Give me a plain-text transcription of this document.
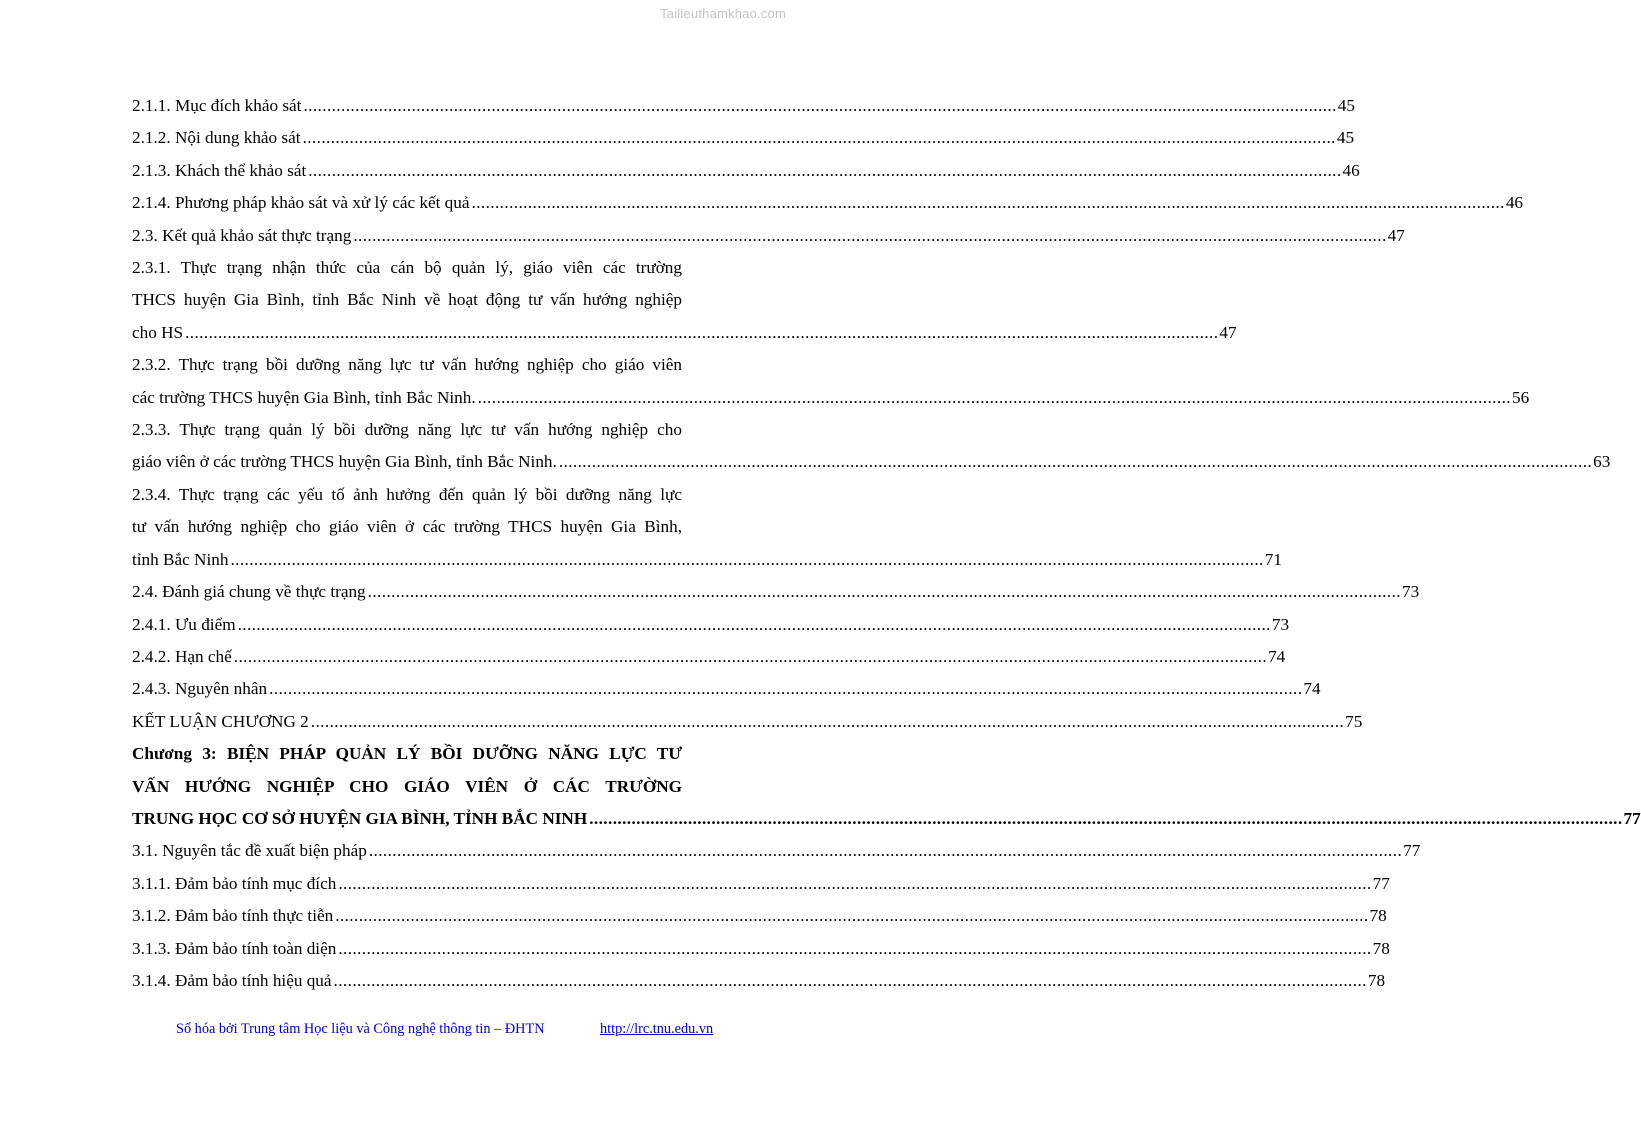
Tailieuthamkhao.com
2.1.1. Mục đích khảo sát ............................................................................................................................................................................................................................ 45
2.1.2. Nội dung khảo sát ............................................................................................................................................................................................................................ 45
2.1.3. Khách thể khảo sát ............................................................................................................................................................................................................................ 46
2.1.4. Phương pháp khảo sát và xử lý các kết quả ............................................................................................................................................................................................................................ 46
2.3. Kết quả khảo sát thực trạng ............................................................................................................................................................................................................................ 47
2.3.1. Thực trạng nhận thức của cán bộ quản lý, giáo viên các trường
THCS huyện Gia Bình, tỉnh Bắc Ninh về hoạt động tư vấn hướng nghiệp
cho HS ............................................................................................................................................................................................................................ 47
2.3.2. Thực trạng bồi dưỡng năng lực tư vấn hướng nghiệp cho giáo viên
các trường THCS huyện Gia Bình, tỉnh Bắc Ninh. ............................................................................................................................................................................................................................ 56
2.3.3. Thực trạng quản lý bồi dưỡng năng lực tư vấn hướng nghiệp cho
giáo viên ở các trường THCS huyện Gia Bình, tỉnh Bắc Ninh. ............................................................................................................................................................................................................................ 63
2.3.4. Thực trạng các yếu tố ảnh hưởng đến quản lý bồi dưỡng năng lực
tư vấn hướng nghiệp cho giáo viên ở các trường THCS huyện Gia Bình,
tỉnh Bắc Ninh ............................................................................................................................................................................................................................ 71
2.4. Đánh giá chung về thực trạng ............................................................................................................................................................................................................................ 73
2.4.1. Ưu điểm ............................................................................................................................................................................................................................ 73
2.4.2. Hạn chế ............................................................................................................................................................................................................................ 74
2.4.3. Nguyên nhân ............................................................................................................................................................................................................................ 74
KẾT LUẬN CHƯƠNG 2 ............................................................................................................................................................................................................................ 75
Chương 3: BIỆN PHÁP QUẢN LÝ BỒI DƯỠNG NĂNG LỰC TƯ
VẤN HƯỚNG NGHIỆP CHO GIÁO VIÊN Ở CÁC TRƯỜNG
TRUNG HỌC CƠ SỞ HUYỆN GIA BÌNH, TỈNH BẮC NINH ............................................................................................................................................................................................................................ 77
3.1. Nguyên tắc đề xuất biện pháp ............................................................................................................................................................................................................................ 77
3.1.1. Đảm bảo tính mục đích ............................................................................................................................................................................................................................ 77
3.1.2. Đảm bảo tính thực tiễn ............................................................................................................................................................................................................................ 78
3.1.3. Đảm bảo tính toàn diện ............................................................................................................................................................................................................................ 78
3.1.4. Đảm bảo tính hiệu quả ............................................................................................................................................................................................................................ 78
Số hóa bởi Trung tâm Học liệu và Công nghệ thông tin – ĐHTN	http://lrc.tnu.edu.vn
